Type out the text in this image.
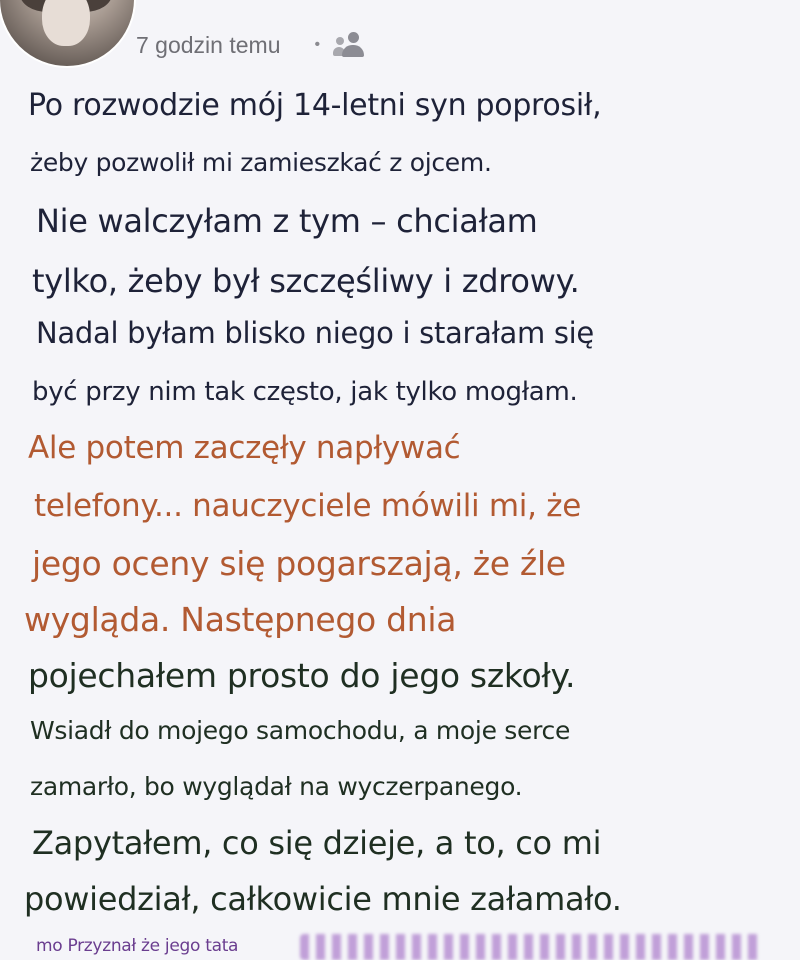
7 godzin temu •

Po rozwodzie mój 14-letni syn poprosił,

żeby pozwolił mi zamieszkać z ojcem.

Nie walczyłam z tym – chciałam

tylko, żeby był szczęśliwy i zdrowy.

Nadal byłam blisko niego i starałam się

być przy nim tak często, jak tylko mogłam.

Ale potem zaczęły napływać

telefony... nauczyciele mówili mi, że

jego oceny się pogarszają, że źle

wygląda. Następnego dnia

pojechałem prosto do jego szkoły.

Wsiadł do mojego samochodu, a moje serce

zamarło, bo wyglądał na wyczerpanego.

Zapytałem, co się dzieje, a to, co mi

powiedział, całkowicie mnie załamało.

mo Przyznał że jego tata
